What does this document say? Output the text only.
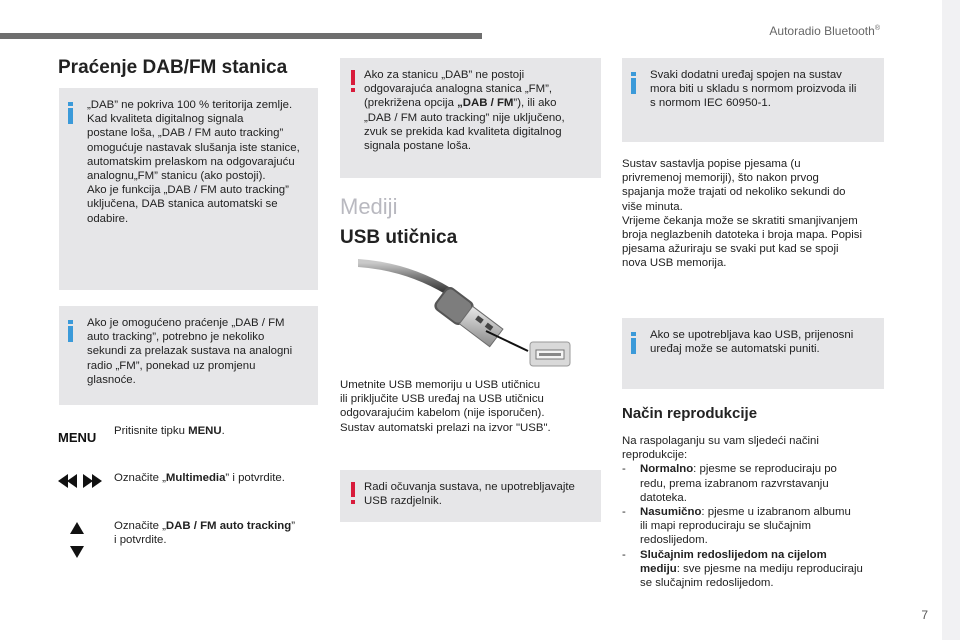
Autoradio Bluetooth®
7
Praćenje DAB/FM stanica

„DAB” ne pokriva 100 % teritorija zemlje.

Kad kvaliteta digitalnog signala

postane loša, „DAB / FM auto tracking”

omogućuje nastavak slušanja iste stanice,

automatskim prelaskom na odgovarajuću

analognu„FM” stanicu (ako postoji).

Ako je funkcija „DAB / FM auto tracking”

uključena, DAB stanica automatski se

odabire.

Ako je omogućeno praćenje „DAB / FM

auto tracking”, potrebno je nekoliko

sekundi za prelazak sustava na analogni

radio „FM”, ponekad uz promjenu

glasnoće.

MENU Pritisnite tipku MENU.
Označite „Multimedia” i potvrdite.
Označite „DAB / FM auto tracking”
i potvrdite.

Ako za stanicu „DAB” ne postoji

odgovarajuća analogna stanica „FM”,

(prekrižena opcija „DAB / FM”), ili ako

„DAB / FM auto tracking” nije uključeno,

zvuk se prekida kad kvaliteta digitalnog

signala postane loša.

Mediji
USB utičnica

Umetnite USB memoriju u USB utičnicu

ili priključite USB uređaj na USB utičnicu

odgovarajućim kabelom (nije isporučen).

Sustav automatski prelazi na izvor "USB".

Radi očuvanja sustava, ne upotrebljavajte

USB razdjelnik.

Svaki dodatni uređaj spojen na sustav

mora biti u skladu s normom proizvoda ili

s normom IEC 60950-1.

Sustav sastavlja popise pjesama (u

privremenoj memoriji), što nakon prvog

spajanja može trajati od nekoliko sekundi do

više minuta.

Vrijeme čekanja može se skratiti smanjivanjem

broja neglazbenih datoteka i broja mapa. Popisi

pjesama ažuriraju se svaki put kad se spoji

nova USB memorija.

Ako se upotrebljava kao USB, prijenosni

uređaj može se automatski puniti.

Način reprodukcije

Na raspolaganju su vam sljedeći načini

reprodukcije:

- Normalno: pjesme se reproduciraju po
redu, prema izabranom razvrstavanju
datoteka.
- Nasumično: pjesme u izabranom albumu
ili mapi reproduciraju se slučajnim
redoslijedom.
- Slučajnim redoslijedom na cijelom
mediju: sve pjesme na mediju reproduciraju
se slučajnim redoslijedom.
